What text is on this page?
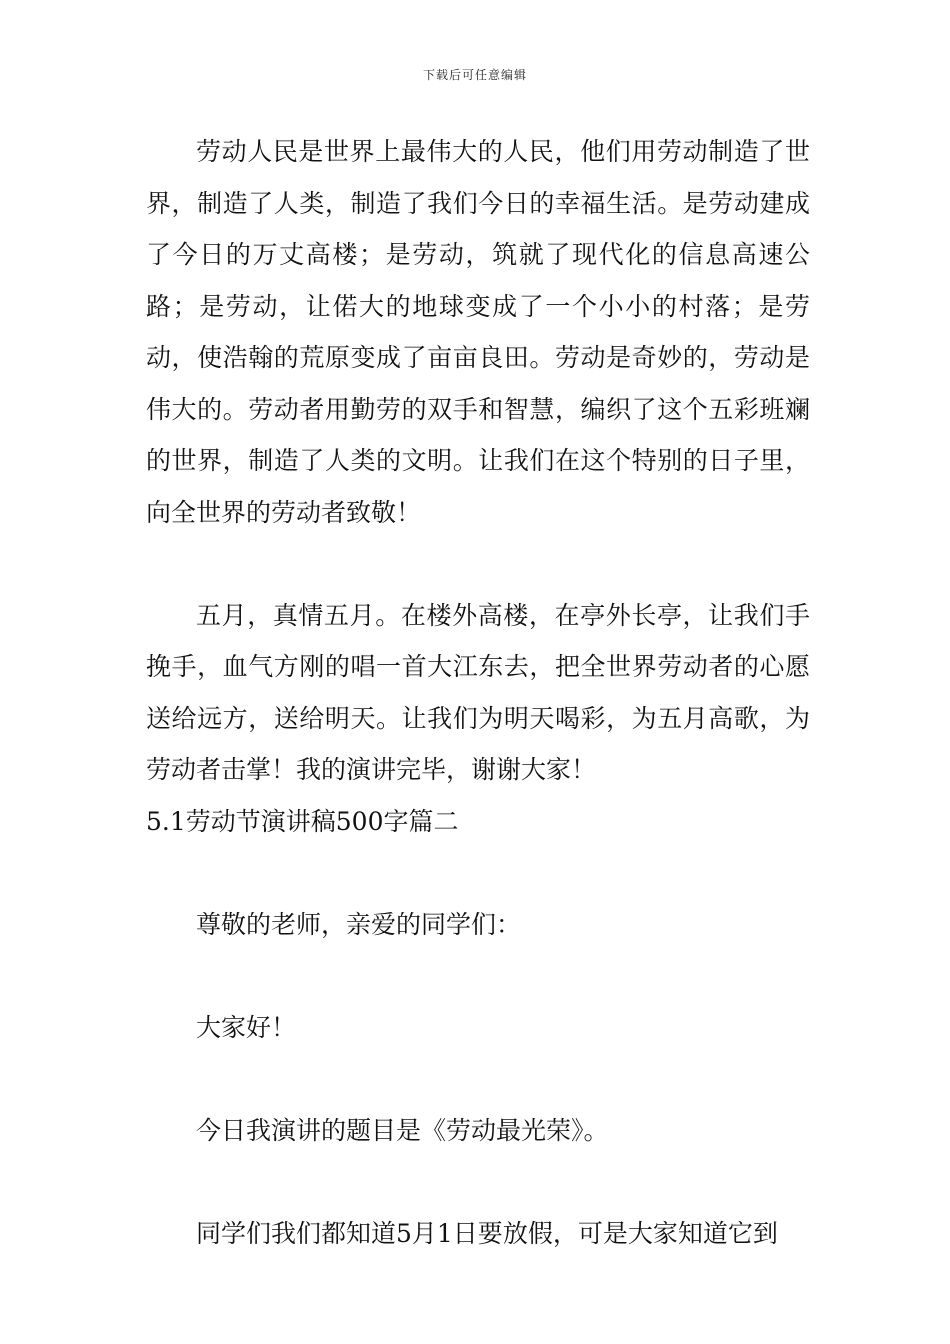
下载后可任意编辑

劳动人民是世界上最伟大的人民，他们用劳动制造了世界，制造了人类，制造了我们今日的幸福生活。是劳动建成了今日的万丈高楼；是劳动，筑就了现代化的信息高速公路；是劳动，让偌大的地球变成了一个小小的村落；是劳动，使浩翰的荒原变成了亩亩良田。劳动是奇妙的，劳动是伟大的。劳动者用勤劳的双手和智慧，编织了这个五彩班斓的世界，制造了人类的文明。让我们在这个特别的日子里，向全世界的劳动者致敬！

五月，真情五月。在楼外高楼，在亭外长亭，让我们手挽手，血气方刚的唱一首大江东去，把全世界劳动者的心愿送给远方，送给明天。让我们为明天喝彩，为五月高歌，为劳动者击掌！我的演讲完毕，谢谢大家！

5.1劳动节演讲稿500字篇二

尊敬的老师，亲爱的同学们：

大家好！

今日我演讲的题目是《劳动最光荣》。

同学们我们都知道5月1日要放假，可是大家知道它到
